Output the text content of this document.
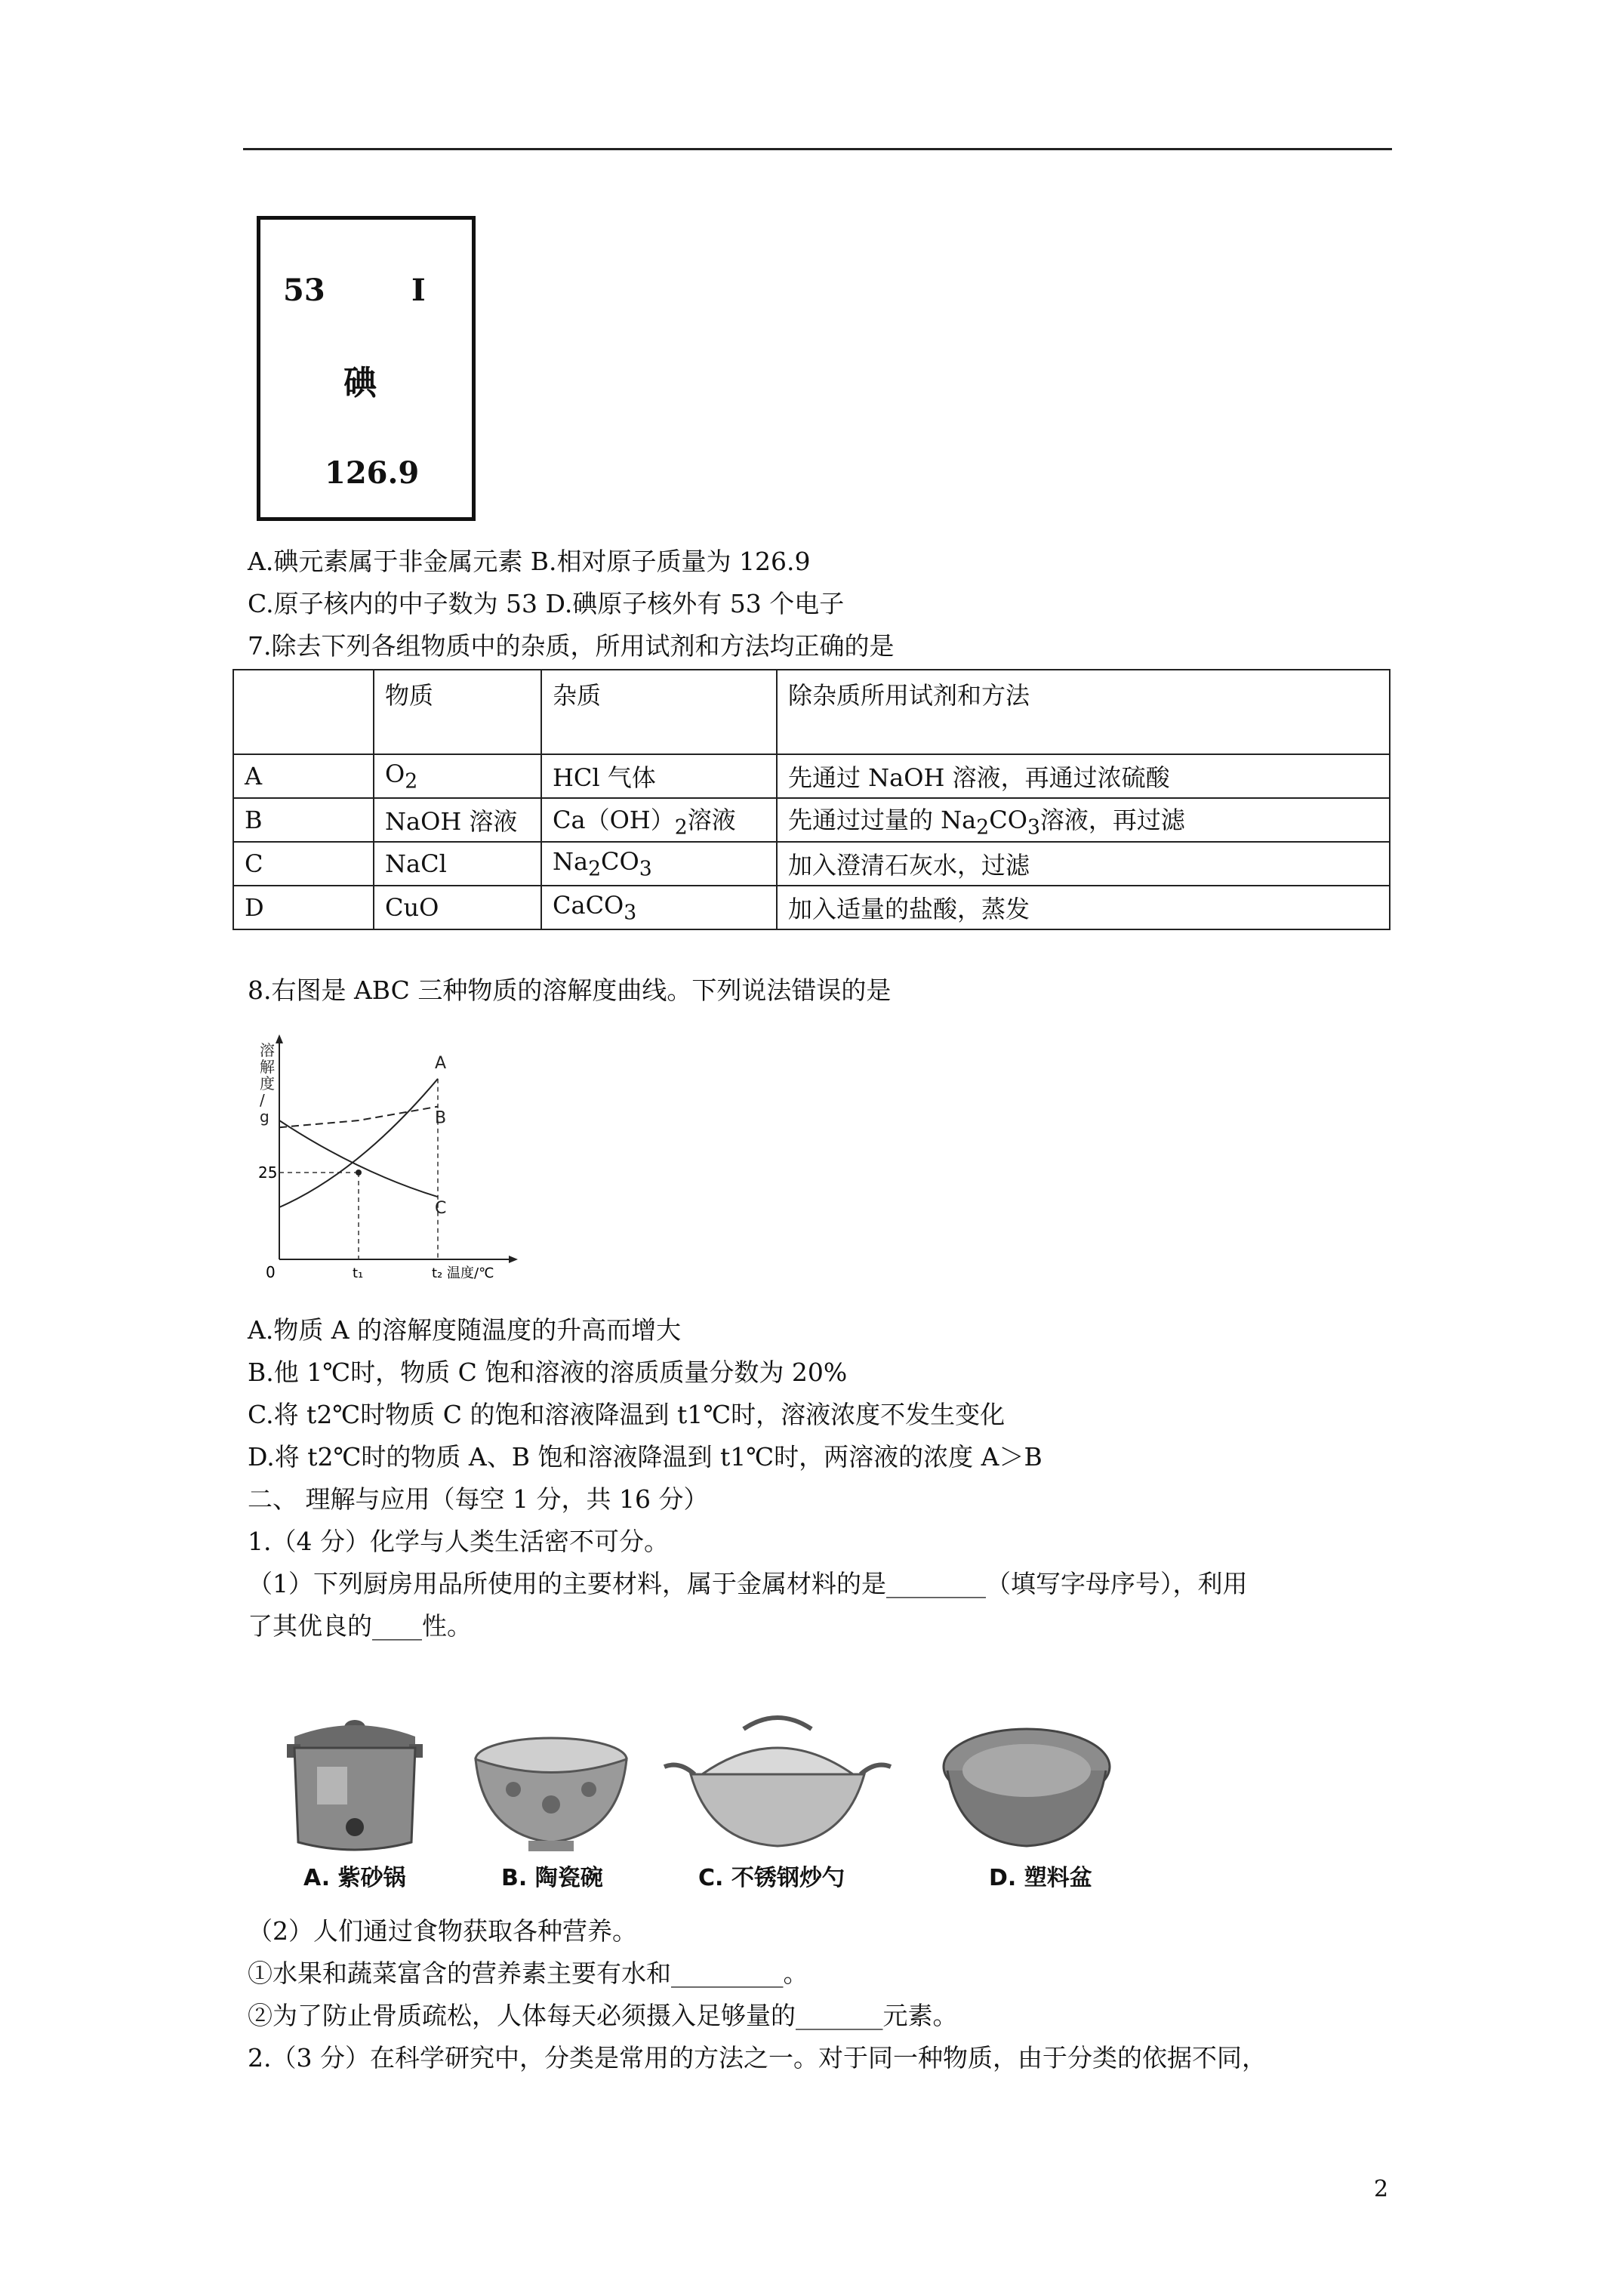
53	I
碘
126.9
A.碘元素属于非金属元素 B.相对原子质量为 126.9
C.原子核内的中子数为 53 D.碘原子核外有 53 个电子
7.除去下列各组物质中的杂质，所用试剂和方法均正确的是
	物质	杂质	除杂质所用试剂和方法
A	$O_2$	HCl 气体	先通过 NaOH 溶液，再通过浓硫酸
B	NaOH 溶液	$Ca(OH)_2$溶液	先通过过量的 $Na_2CO_3$溶液，再过滤
C	NaCl	$Na_2CO_3$	加入澄清石灰水，过滤
D	CuO	CaCO$_3$	加入适量的盐酸，蒸发
8.右图是 ABC 三种物质的溶解度曲线。下列说法错误的是
溶解度/ g
A
B
C
25
0	t₁	t₂ 温度/℃
A.物质 A 的溶解度随温度的升高而增大
B.他 1℃时，物质 C 饱和溶液的溶质质量分数为 20%
C.将 t2℃时物质 C 的饱和溶液降温到 t1℃时，溶液浓度不发生变化
D.将 t2℃时的物质 A、B 饱和溶液降温到 t1℃时，两溶液的浓度 A＞B
二、 理解与应用（每空 1 分，共 16 分）
1.（4 分）化学与人类生活密不可分。
（1）下列厨房用品所使用的主要材料，属于金属材料的是________（填写字母序号），利用
了其优良的____性。
A. 紫砂锅	B. 陶瓷碗	C. 不锈钢炒勺	D. 塑料盆
（2）人们通过食物获取各种营养。
①水果和蔬菜富含的营养素主要有水和_________。
②为了防止骨质疏松，人体每天必须摄入足够量的_______元素。
2.（3 分）在科学研究中，分类是常用的方法之一。对于同一种物质，由于分类的依据不同，
2
